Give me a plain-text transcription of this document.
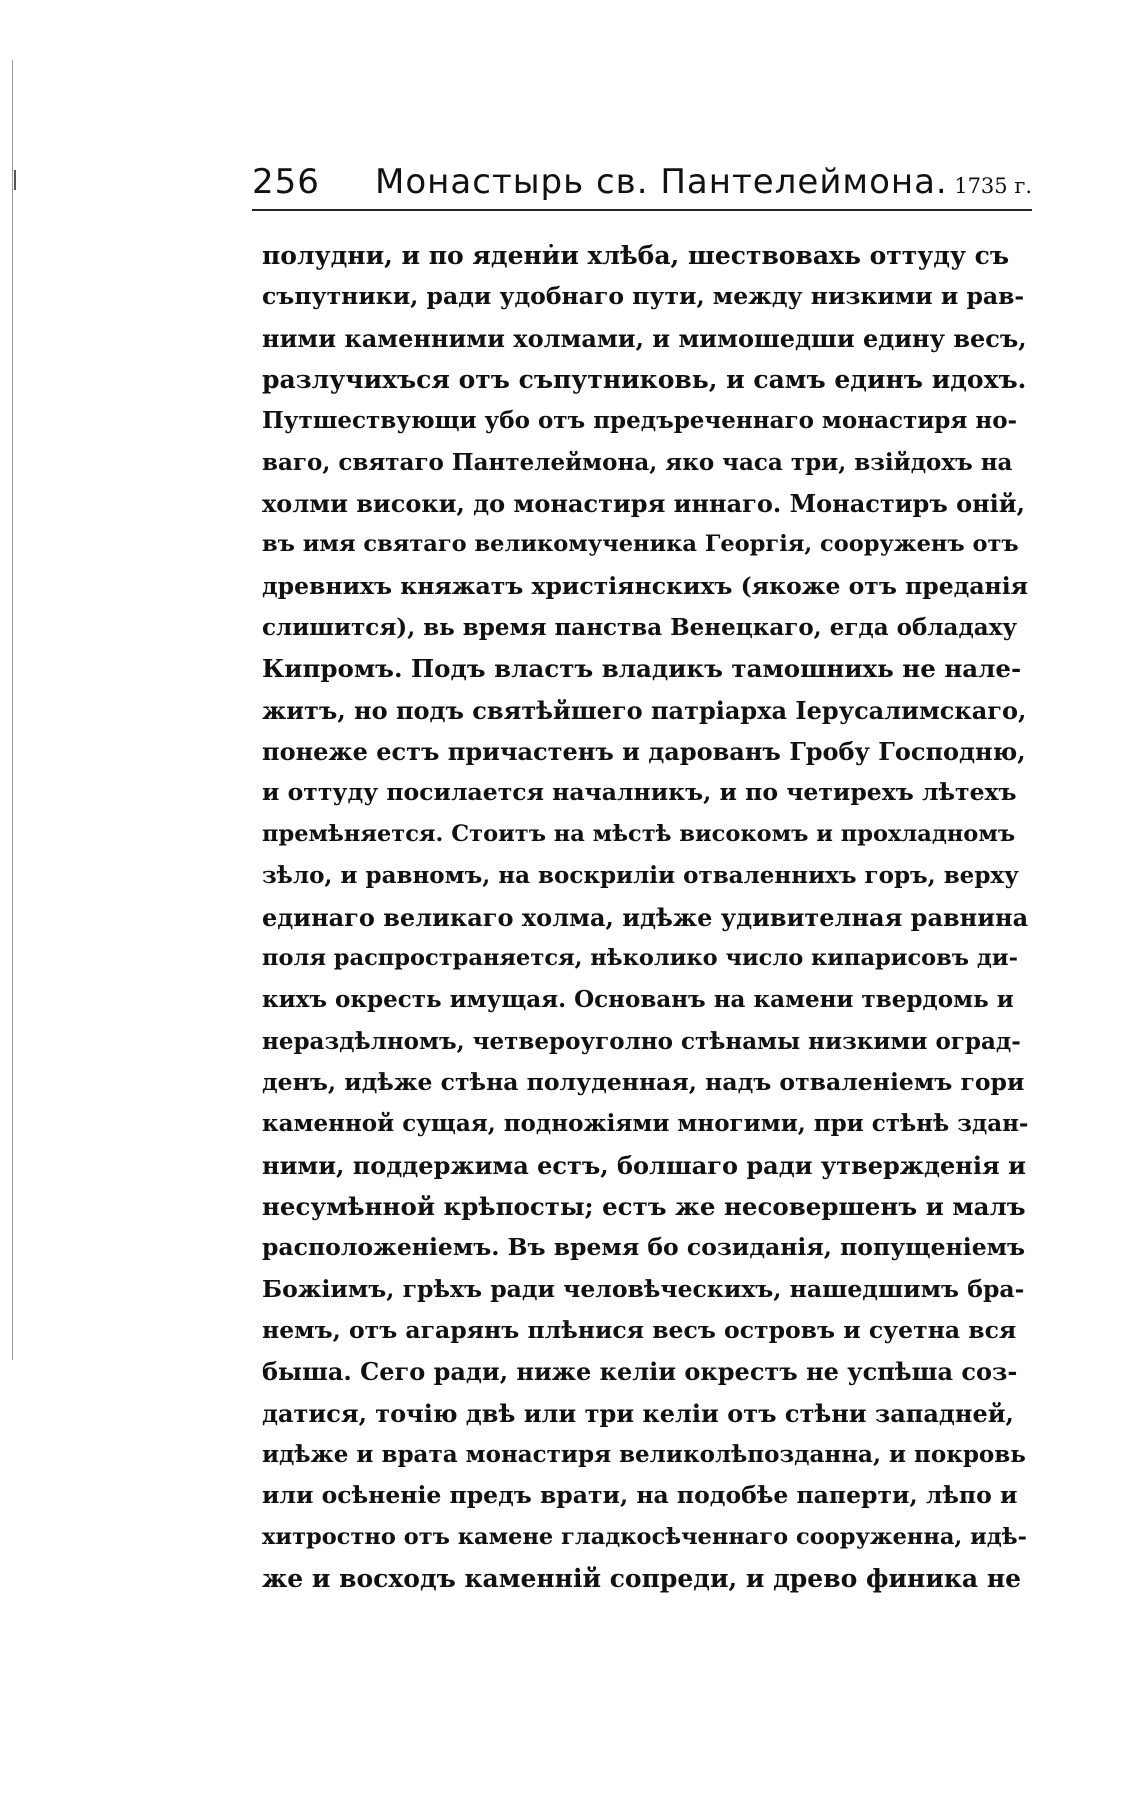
256 Монастырь св. Пантелеймона. 1735 г.
полудни, и по ядени̇и хлѣба, шествовахь оттуду съ
съпутники, ради удобнаго пути, между низкими и рав-
ними каменними холмами, и мимошедши едину весъ,
разлучихъся отъ съпутниковь, и самъ единъ идохъ.
Путшествующи убо отъ предъреченнаго монастиря но-
ваго, святаго Пантелеймона, яко часа три, взійдохъ на
холми високи, до монастиря иннаго. Монастиръ оній,
въ имя святаго великомученика Георгія, сооруженъ отъ
древнихъ княжатъ христіянскихъ (якоже отъ преданія
слишится), вь время панства Венецкаго, егда обладаху
Кипромъ. Подъ властъ владикъ тамошнихь не нале-
житъ, но подъ святѣйшего патріарха Іерусалимскаго,
понеже естъ причастенъ и дарованъ Гробу Господню,
и оттуду посилается началникъ, и по четирехъ лѣтехъ
премѣняется. Стоитъ на мѣстѣ високомъ и прохладномъ
зѣло, и равномъ, на воскриліи отваленнихъ горъ, верху
единаго великаго холма, идѣже удивителная равнина
поля распространяется, нѣколико число кипарисовъ ди-
кихъ окресть имущая. Основанъ на камени твердомь и
нераздѣлномъ, четвероуголно стѣнамы низкими оград-
денъ, идѣже стѣна полуденная, надъ отваленіемъ гори
каменной сущая, подножіями многими, при стѣнѣ здан-
ними, поддержима естъ, болшаго ради утвержденія и
несумѣнной крѣпосты; естъ же несовершенъ и малъ
расположеніемъ. Въ время бо созиданія, попущеніемъ
Божіимъ, грѣхъ ради человѣческихъ, нашедшимъ бра-
немъ, отъ агарянъ плѣнися весъ островъ и суетна вся
быша. Сего ради, ниже келіи окрестъ не успѣша соз-
датися, точію двѣ или три келіи отъ стѣни западней,
идѣже и врата монастиря великолѣпозданна, и покровь
или осѣненіе предъ врати, на подобѣе паперти, лѣпо и
хитростно отъ камене гладкосѣченнаго сооруженна, идѣ-
же и восходъ каменній сопреди, и древо финика не
